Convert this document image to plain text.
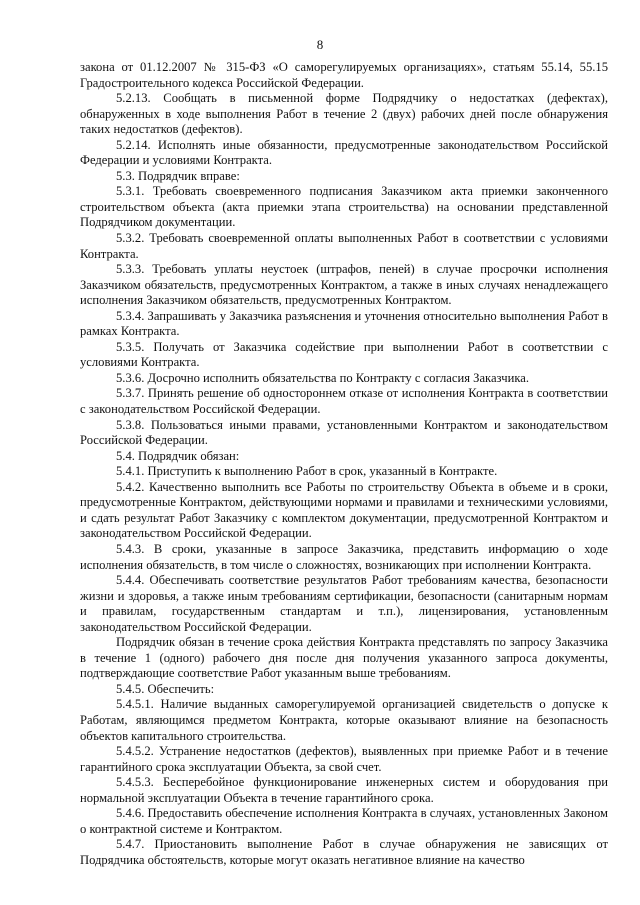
8

закона от 01.12.2007 № 315-ФЗ «О саморегулируемых организациях», статьям 55.14, 55.15 Градостроительного кодекса Российской Федерации.

5.2.13. Сообщать в письменной форме Подрядчику о недостатках (дефектах), обнаруженных в ходе выполнения Работ в течение 2 (двух) рабочих дней после обнаружения таких недостатков (дефектов).

5.2.14. Исполнять иные обязанности, предусмотренные законодательством Российской Федерации и условиями Контракта.

5.3. Подрядчик вправе:

5.3.1. Требовать своевременного подписания Заказчиком акта приемки законченного строительством объекта (акта приемки этапа строительства) на основании представленной Подрядчиком документации.

5.3.2. Требовать своевременной оплаты выполненных Работ в соответствии с условиями Контракта.

5.3.3. Требовать уплаты неустоек (штрафов, пеней) в случае просрочки исполнения Заказчиком обязательств, предусмотренных Контрактом, а также в иных случаях ненадлежащего исполнения Заказчиком обязательств, предусмотренных Контрактом.

5.3.4. Запрашивать у Заказчика разъяснения и уточнения относительно выполнения Работ в рамках Контракта.

5.3.5. Получать от Заказчика содействие при выполнении Работ в соответствии с условиями Контракта.

5.3.6. Досрочно исполнить обязательства по Контракту с согласия Заказчика.

5.3.7. Принять решение об одностороннем отказе от исполнения Контракта в соответствии с законодательством Российской Федерации.

5.3.8. Пользоваться иными правами, установленными Контрактом и законодательством Российской Федерации.

5.4. Подрядчик обязан:

5.4.1. Приступить к выполнению Работ в срок, указанный в Контракте.

5.4.2. Качественно выполнить все Работы по строительству Объекта в объеме и в сроки, предусмотренные Контрактом, действующими нормами и правилами и техническими условиями, и сдать результат Работ Заказчику с комплектом документации, предусмотренной Контрактом и законодательством Российской Федерации.

5.4.3. В сроки, указанные в запросе Заказчика, представить информацию о ходе исполнения обязательств, в том числе о сложностях, возникающих при исполнении Контракта.

5.4.4. Обеспечивать соответствие результатов Работ требованиям качества, безопасности жизни и здоровья, а также иным требованиям сертификации, безопасности (санитарным нормам и правилам, государственным стандартам и т.п.), лицензирования, установленным законодательством Российской Федерации.

Подрядчик обязан в течение срока действия Контракта представлять по запросу Заказчика в течение 1 (одного) рабочего дня после дня получения указанного запроса документы, подтверждающие соответствие Работ указанным выше требованиям.

5.4.5. Обеспечить:

5.4.5.1. Наличие выданных саморегулируемой организацией свидетельств о допуске к Работам, являющимся предметом Контракта, которые оказывают влияние на безопасность объектов капитального строительства.

5.4.5.2. Устранение недостатков (дефектов), выявленных при приемке Работ и в течение гарантийного срока эксплуатации Объекта, за свой счет.

5.4.5.3. Бесперебойное функционирование инженерных систем и оборудования при нормальной эксплуатации Объекта в течение гарантийного срока.

5.4.6. Предоставить обеспечение исполнения Контракта в случаях, установленных Законом о контрактной системе и Контрактом.

5.4.7. Приостановить выполнение Работ в случае обнаружения не зависящих от Подрядчика обстоятельств, которые могут оказать негативное влияние на качество
